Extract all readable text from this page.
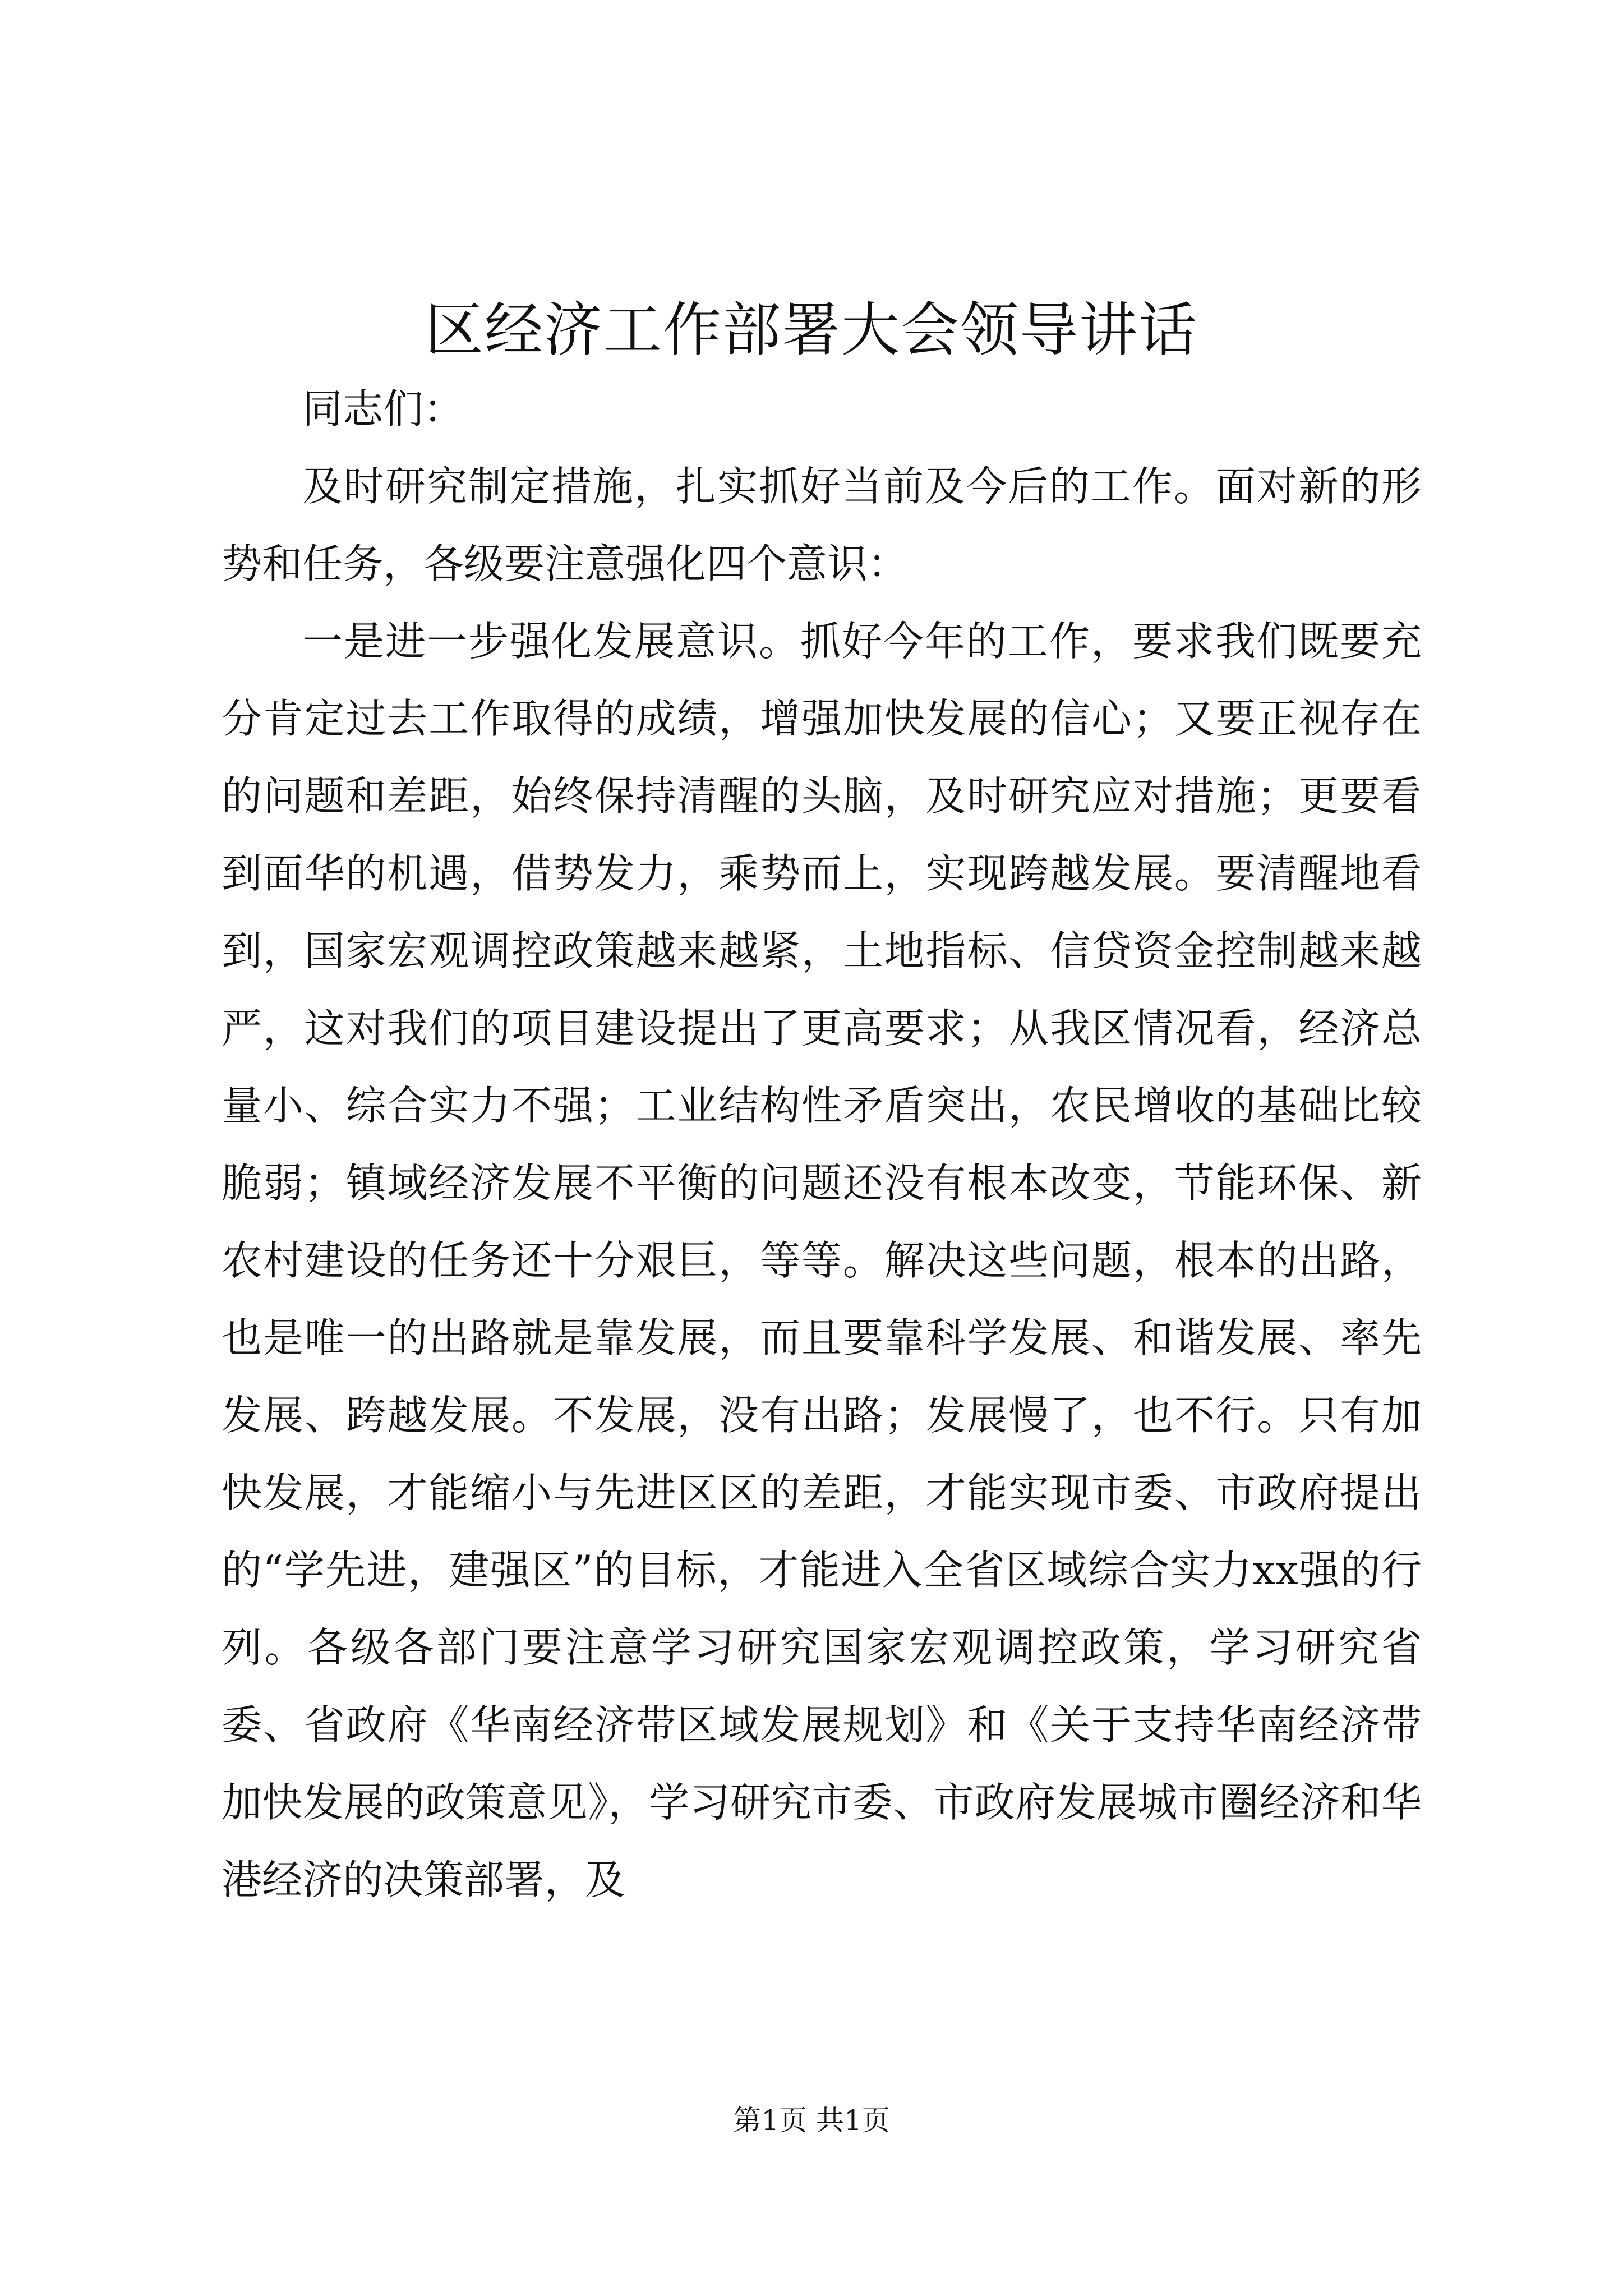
区经济工作部署大会领导讲话

同志们：

及时研究制定措施，扎实抓好当前及今后的工作。面对新的形势和任务，各级要注意强化四个意识：

一是进一步强化发展意识。抓好今年的工作，要求我们既要充分肯定过去工作取得的成绩，增强加快发展的信心；又要正视存在的问题和差距，始终保持清醒的头脑，及时研究应对措施；更要看到面华的机遇，借势发力，乘势而上，实现跨越发展。要清醒地看到，国家宏观调控政策越来越紧，土地指标、信贷资金控制越来越严，这对我们的项目建设提出了更高要求；从我区情况看，经济总量小、综合实力不强；工业结构性矛盾突出，农民增收的基础比较脆弱；镇域经济发展不平衡的问题还没有根本改变，节能环保、新农村建设的任务还十分艰巨，等等。解决这些问题，根本的出路，也是唯一的出路就是靠发展，而且要靠科学发展、和谐发展、率先发展、跨越发展。不发展，没有出路；发展慢了，也不行。只有加快发展，才能缩小与先进区区的差距，才能实现市委、市政府提出的“学先进，建强区”的目标，才能进入全省区域综合实力xx强的行列。各级各部门要注意学习研究国家宏观调控政策，学习研究省委、省政府《华南经济带区域发展规划》和《关于支持华南经济带加快发展的政策意见》，学习研究市委、市政府发展城市圈经济和华港经济的决策部署，及

第1页 共1页
